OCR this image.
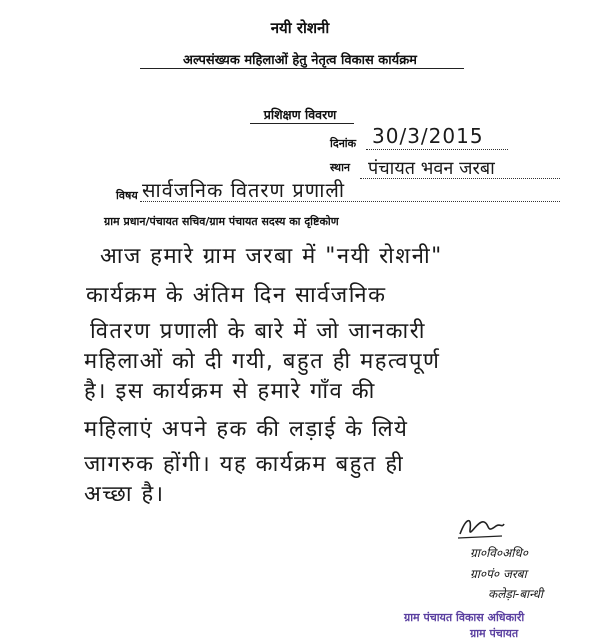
नयी रोशनी
अल्पसंख्यक महिलाओं हेतु नेतृत्व विकास कार्यक्रम
प्रशिक्षण विवरण
दिनांक 30/3/2015
स्थान पंचायत भवन जरबा
विषय सार्वजनिक वितरण प्रणाली
ग्राम प्रधान/पंचायत सचिव/ग्राम पंचायत सदस्य का दृष्टिकोण
आज हमारे ग्राम जरबा में "नयी रोशनी"
कार्यक्रम के अंतिम दिन सार्वजनिक
वितरण प्रणाली के बारे में जो जानकारी
महिलाओं को दी गयी, बहुत ही महत्वपूर्ण
है। इस कार्यक्रम से हमारे गाँव की
महिलाएं अपने हक की लड़ाई के लिये
जागरुक होंगी। यह कार्यक्रम बहुत ही
अच्छा है।
ग्रा०वि०अधि०
ग्रा०पं० जरबा
कलेड़ा-बान्धी
ग्राम पंचायत विकास अधिकारी
ग्राम पंचायत
